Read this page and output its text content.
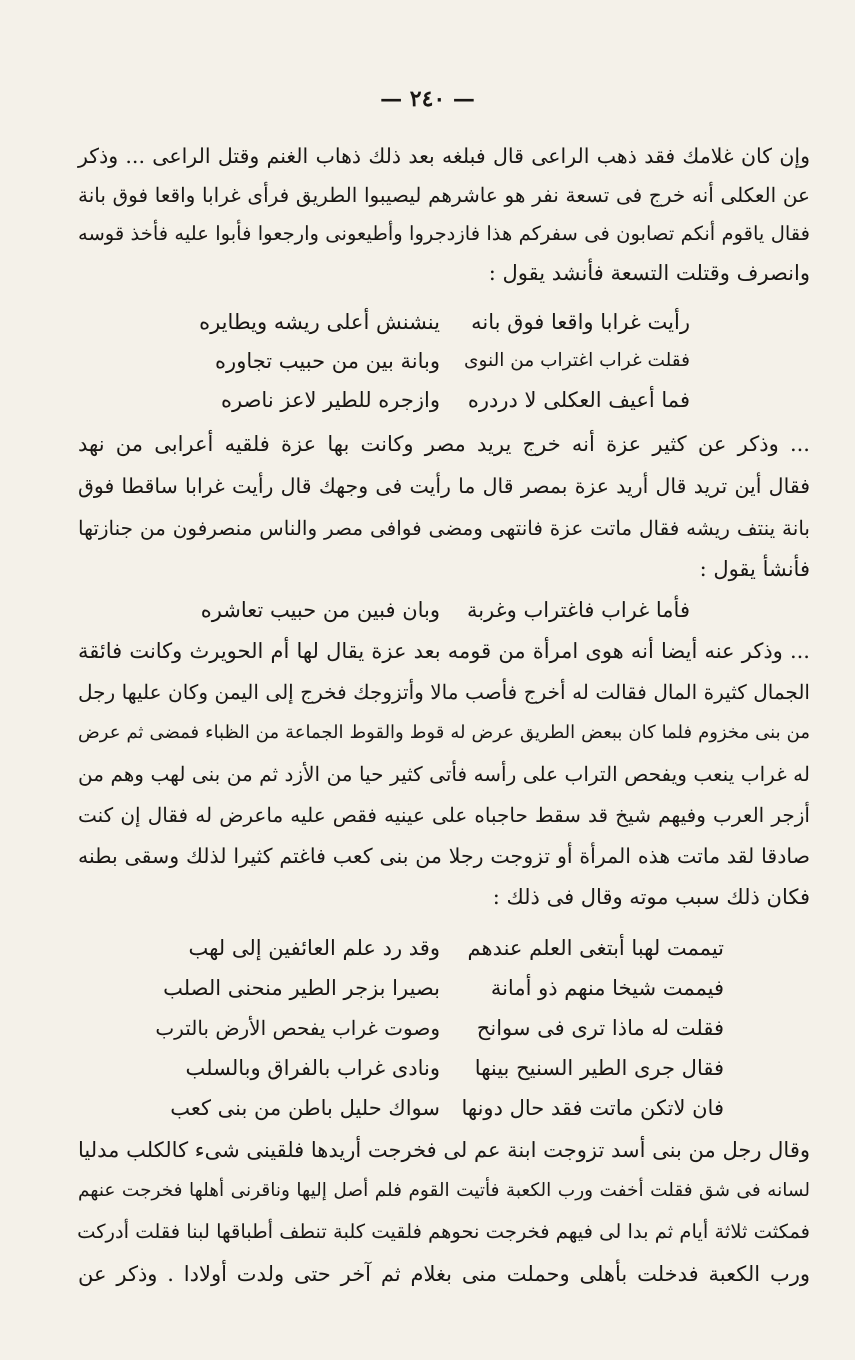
— ٢٤٠ —
وإن كان غلامك فقد ذهب الراعى قال فبلغه بعد ذلك ذهاب الغنم وقتل الراعى ... وذكر
عن العكلى أنه خرج فى تسعة نفر هو عاشرهم ليصيبوا الطريق فرأى غرابا واقعا فوق بانة
فقال ياقوم أنكم تصابون فى سفركم هذا فازدجروا وأطيعونى وارجعوا فأبوا عليه فأخذ قوسه
وانصرف وقتلت التسعة فأنشد يقول :
رأيت غرابا واقعا فوق بانه
ينشنش أعلى ريشه ويطايره
فقلت غراب اغتراب من النوى
وبانة بين من حبيب تجاوره
فما أعيف العكلى لا دردره
وازجره للطير لاعز ناصره
... وذكر عن كثير عزة أنه خرج يريد مصر وكانت بها عزة فلقيه أعرابى من نهد
فقال أين تريد قال أريد عزة بمصر قال ما رأيت فى وجهك قال رأيت غرابا ساقطا فوق
بانة ينتف ريشه فقال ماتت عزة فانتهى ومضى فوافى مصر والناس منصرفون من جنازتها
فأنشأ يقول :
فأما غراب فاغتراب وغربة
وبان فبين من حبيب تعاشره
... وذكر عنه أيضا أنه هوى امرأة من قومه بعد عزة يقال لها أم الحويرث وكانت فائقة
الجمال كثيرة المال فقالت له أخرج فأصب مالا وأتزوجك فخرج إلى اليمن وكان عليها رجل
من بنى مخزوم فلما كان ببعض الطريق عرض له قوط والقوط الجماعة من الظباء فمضى ثم عرض
له غراب ينعب ويفحص التراب على رأسه فأتى كثير حيا من الأزد ثم من بنى لهب وهم من
أزجر العرب وفيهم شيخ قد سقط حاجباه على عينيه فقص عليه ماعرض له فقال إن كنت
صادقا لقد ماتت هذه المرأة أو تزوجت رجلا من بنى كعب فاغتم كثيرا لذلك وسقى بطنه
فكان ذلك سبب موته وقال فى ذلك :
تيممت لهبا أبتغى العلم عندهم
وقد رد علم العائفين إلى لهب
فيممت شيخا منهم ذو أمانة
بصيرا بزجر الطير منحنى الصلب
فقلت له ماذا ترى فى سوانح
وصوت غراب يفحص الأرض بالترب
فقال جرى الطير السنيح بينها
ونادى غراب بالفراق وبالسلب
فان لاتكن ماتت فقد حال دونها
سواك حليل باطن من بنى كعب
وقال رجل من بنى أسد تزوجت ابنة عم لى فخرجت أريدها فلقينى شىء كالكلب مدليا
لسانه فى شق فقلت أخفت ورب الكعبة فأتيت القوم فلم أصل إليها وناقرنى أهلها فخرجت عنهم
فمكثت ثلاثة أيام ثم بدا لى فيهم فخرجت نحوهم فلقيت كلبة تنطف أطباقها لبنا فقلت أدركت
ورب الكعبة فدخلت بأهلى وحملت منى بغلام ثم آخر حتى ولدت أولادا . وذكر عن
